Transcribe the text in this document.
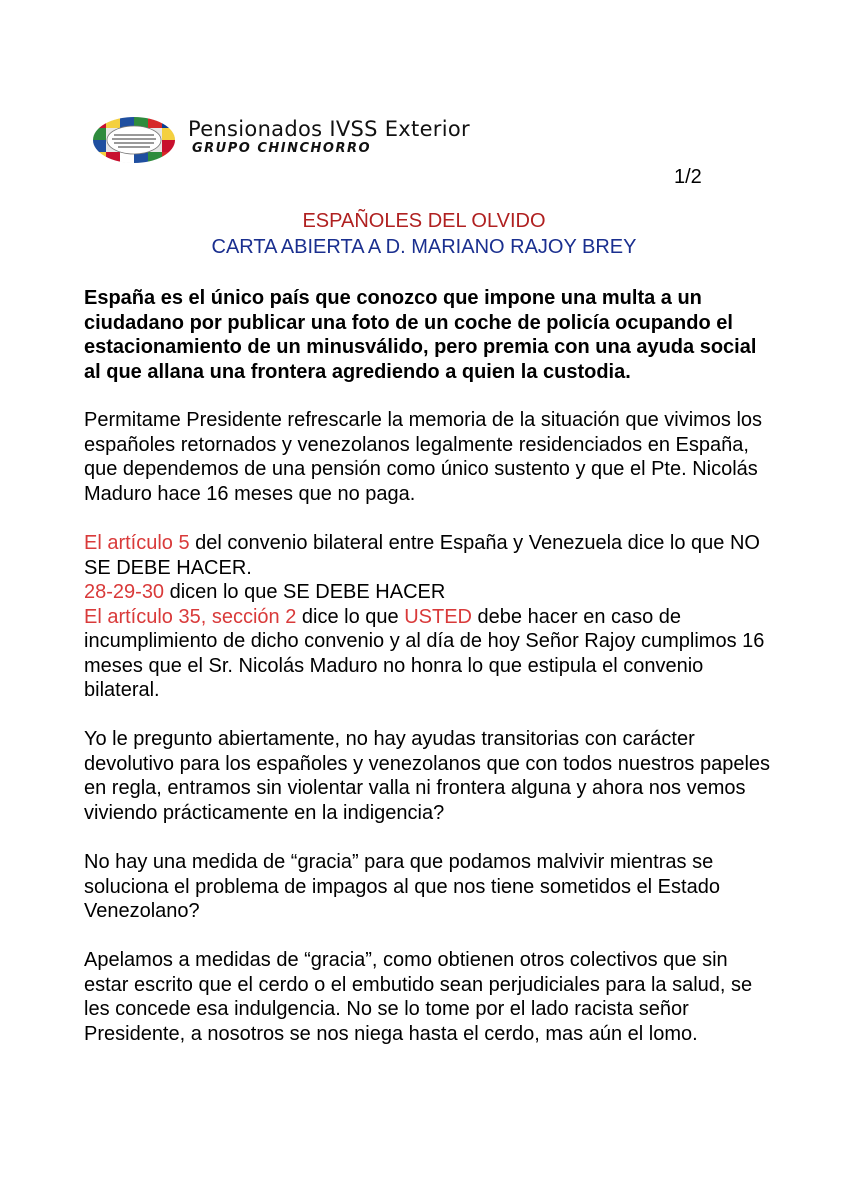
Pensionados IVSS Exterior
GRUPO CHINCHORRO
1/2
ESPAÑOLES DEL OLVIDO
CARTA ABIERTA A D. MARIANO RAJOY BREY
España es el único país que conozco que impone una multa a un ciudadano por publicar una foto de un coche de policía ocupando el estacionamiento de un minusválido, pero premia con una ayuda social al que allana una frontera agrediendo a quien la custodia.
Permitame Presidente refrescarle la memoria de la situación que vivimos los españoles retornados y venezolanos legalmente residenciados en España, que dependemos de una pensión como único sustento y que el Pte. Nicolás Maduro hace 16 meses que no paga.
El artículo 5 del convenio bilateral entre España y Venezuela dice lo que NO SE DEBE HACER.
28-29-30 dicen lo que SE DEBE HACER
El artículo 35, sección 2 dice lo que USTED debe hacer en caso de incumplimiento de dicho convenio y al día de hoy Señor Rajoy cumplimos 16 meses que el Sr. Nicolás Maduro no honra lo que estipula el convenio bilateral.
Yo le pregunto abiertamente, no hay ayudas transitorias con carácter devolutivo para los españoles y venezolanos que con todos nuestros papeles en regla, entramos sin violentar valla ni frontera alguna y ahora nos vemos viviendo prácticamente en la indigencia?
No hay una medida de “gracia” para que podamos malvivir mientras se soluciona el problema de impagos al que nos tiene sometidos el Estado Venezolano?
Apelamos a medidas de “gracia”, como obtienen otros colectivos que sin estar escrito que el cerdo o el embutido sean perjudiciales para la salud, se les concede esa indulgencia. No se lo tome por el lado racista señor Presidente, a nosotros se nos niega hasta el cerdo, mas aún el lomo.
